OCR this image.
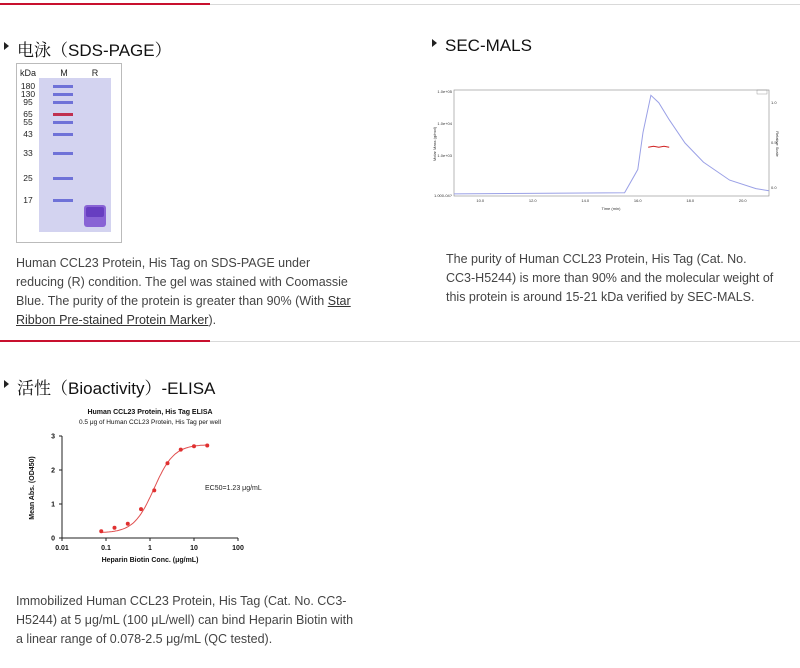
电泳（SDS-PAGE）
kDa	M	R
180
130
95
65
55
43
33
25
17
Human CCL23 Protein, His Tag on SDS-PAGE under reducing (R) condition. The gel was stained with Coomassie Blue. The purity of the protein is greater than 90% (With Star Ribbon Pre-stained Protein Marker).
SEC-MALS
10.0	12.0	14.0	16.0	18.0	20.0
1.0e+05
1.0e+04
1.0e+03
1.000-04?
1.0
0.5
0.0
Time (min)
Molar Mass (g/mol)	Relative Scale
The purity of Human CCL23 Protein, His Tag (Cat. No. CC3-H5244) is more than 90% and the molecular weight of this protein is around 15-21 kDa verified by SEC-MALS.
活性（Bioactivity）-ELISA
Human CCL23 Protein, His Tag ELISA
0.5 μg of Human CCL23 Protein, His Tag per well
0.01	0.1	1	10	100
0
1
2
3
Heparin Biotin Conc. (μg/mL)
Mean Abs. (OD450)	EC50=1.23 μg/mL
Immobilized Human CCL23 Protein, His Tag (Cat. No. CC3-H5244) at 5 μg/mL (100 μL/well) can bind Heparin Biotin with a linear range of 0.078-2.5 μg/mL (QC tested).
